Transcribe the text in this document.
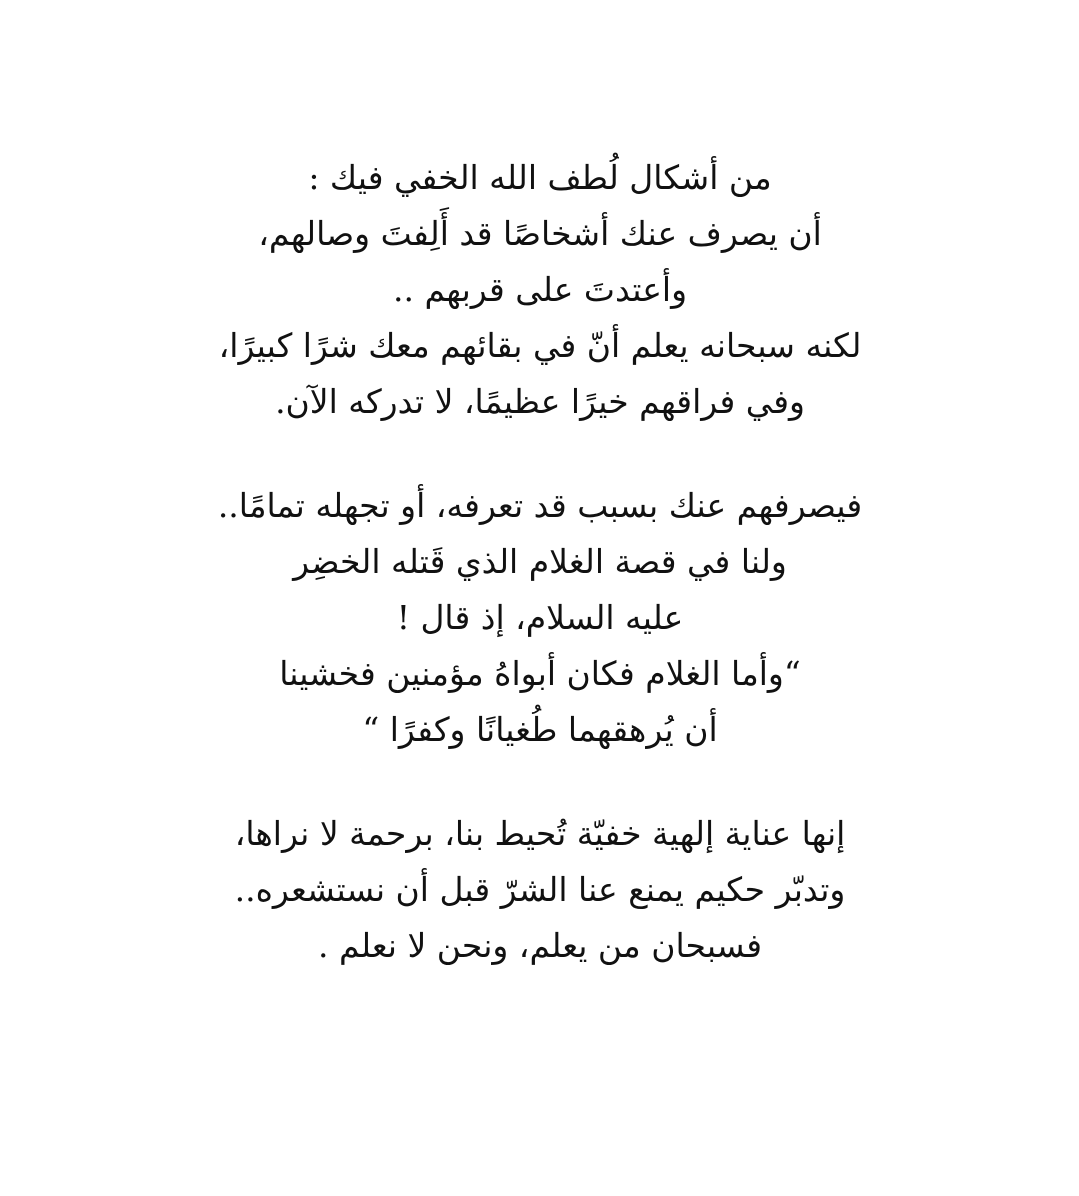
من أشكال لُطف الله الخفي فيك :
أن يصرف عنك أشخاصًا قد أَلِفتَ وصالهم،
وأعتدتَ على قربهم ..
لكنه سبحانه يعلم أنّ في بقائهم معك شرًا كبيرًا،
وفي فراقهم خيرًا عظيمًا، لا تدركه الآن.
فيصرفهم عنك بسبب قد تعرفه، أو تجهله تمامًا..
ولنا في قصة الغلام الذي قَتله الخضِر
عليه السلام، إذ قال !
“وأما الغلام فكان أبواهُ مؤمنين فخشينا
أن يُرهقهما طُغيانًا وكفرًا “
إنها عناية إلهية خفيّة تُحيط بنا، برحمة لا نراها،
وتدبّر حكيم يمنع عنا الشرّ قبل أن نستشعره..
فسبحان من يعلم، ونحن لا نعلم .
